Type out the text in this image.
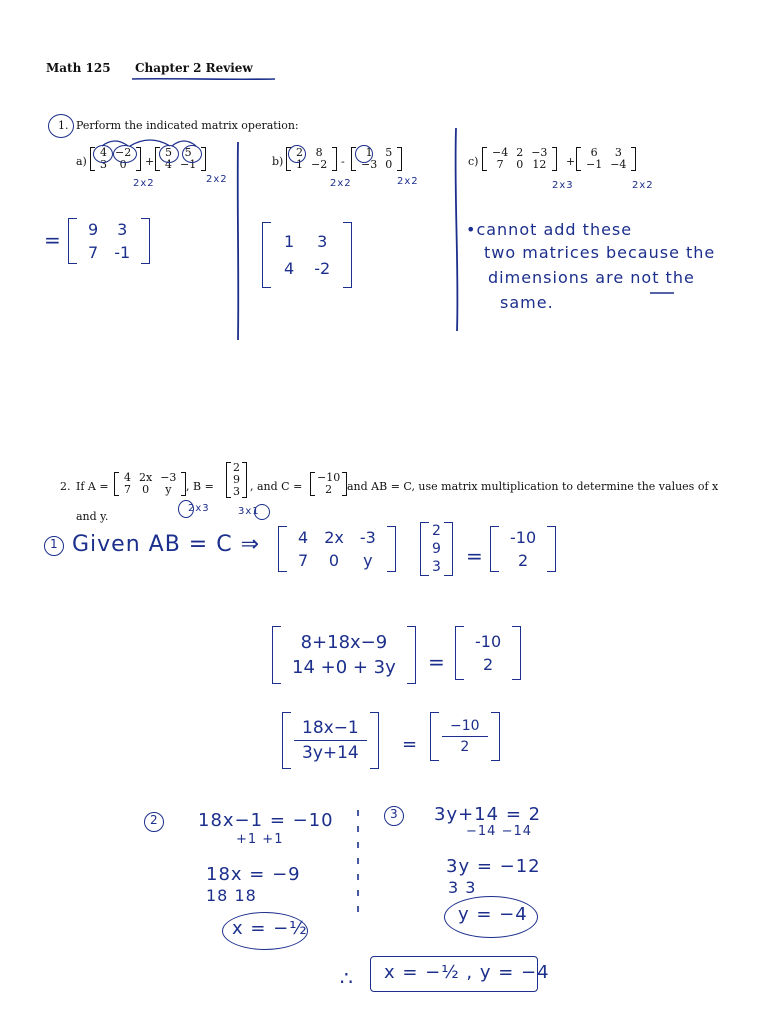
Math 125 Chapter 2 Review
1. Perform the indicated matrix operation:
a)
4	−2
3	0 +
5	5
4	−1
2x2	2x2
= 9	3
7	-1
b)
2	8
1	−2 -
1	5
−3	0
2x2	2x2
1	3
4	-2
c)
−4	2	−3
7	0	12 +
6	3
−1	−4
2x3	2x2
•cannot add these
two matrices because the
dimensions are not the
same.
2. If A =
4	2x	−3
7	0	y , B =
2
9
3 , and C =
−10
2 and AB = C, use matrix multiplication to determine the values of x
and y.
2x3	3x1
1 Given AB = C ⇒ 4	2x	-3
7	0	y
2
9
3 =
-10
2
8+18x−9
14 +0 + 3y =
-10
2
18x−1
3y+14 =
−10
2
2 18x−1 = −10
+1 +1
18x = −9
18 18
x = −½
3 3y+14 = 2
−14 −14
3y = −12
3 3
y = −4
∴ x = −½ , y = −4
